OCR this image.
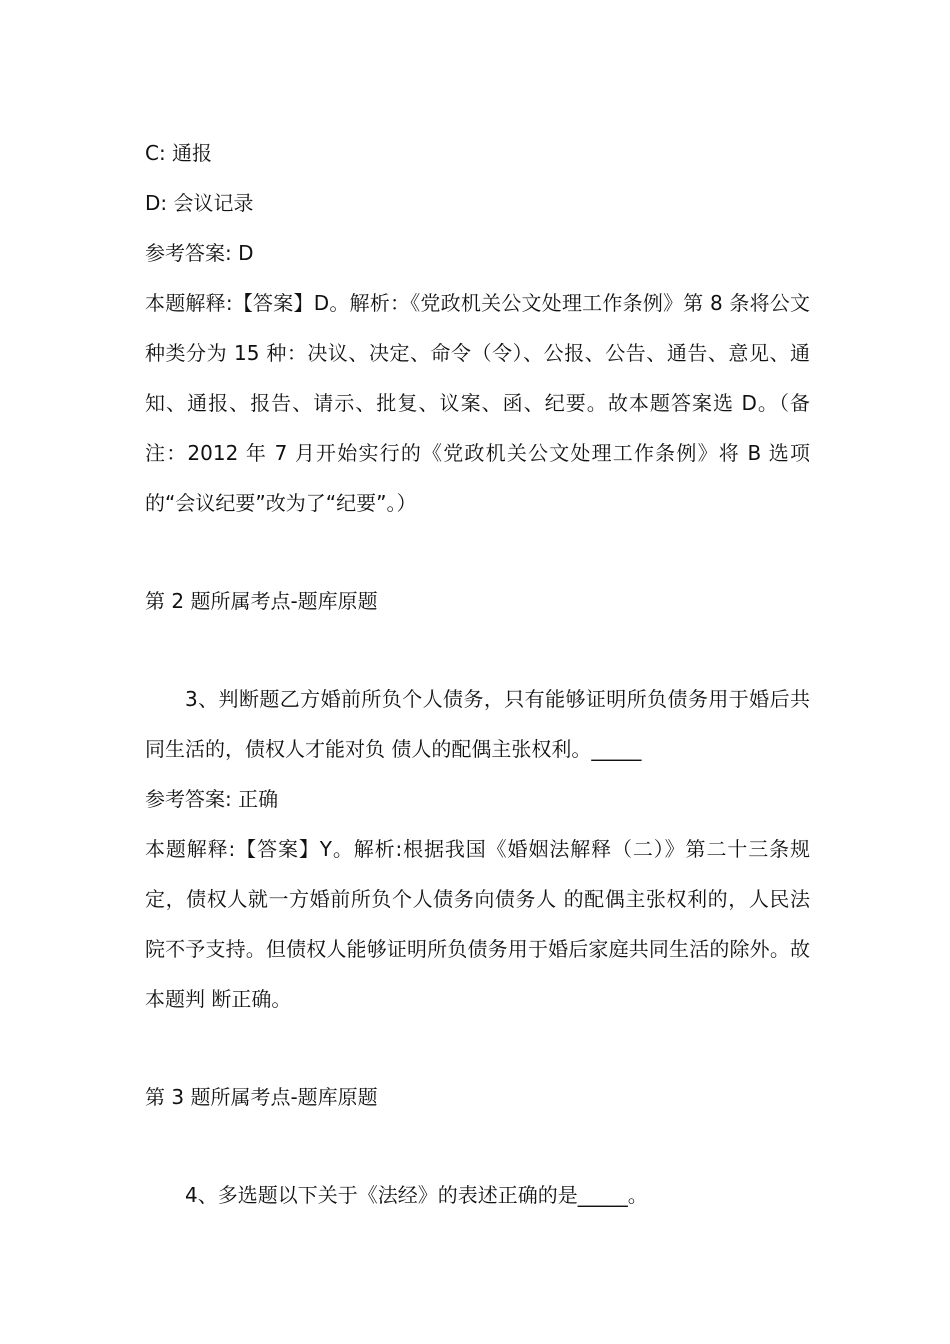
C: 通报
D: 会议记录
参考答案: D
本题解释:【答案】D。解析：《党政机关公文处理工作条例》第 8 条将公文种类分为 15 种：决议、决定、命令（令）、公报、公告、通告、意见、通知、通报、报告、请示、批复、议案、函、纪要。故本题答案选 D。（备注：2012 年 7 月开始实行的《党政机关公文处理工作条例》将 B 选项的“会议纪要”改为了“纪要”。）
第 2 题所属考点-题库原题
3、判断题乙方婚前所负个人债务，只有能够证明所负债务用于婚后共同生活的，债权人才能对负 债人的配偶主张权利。_____
参考答案: 正确
本题解释:【答案】Y。解析:根据我国《婚姻法解释（二）》第二十三条规定，债权人就一方婚前所负个人债务向债务人 的配偶主张权利的，人民法院不予支持。但债权人能够证明所负债务用于婚后家庭共同生活的除外。故本题判 断正确。
第 3 题所属考点-题库原题
4、多选题以下关于《法经》的表述正确的是_____。
